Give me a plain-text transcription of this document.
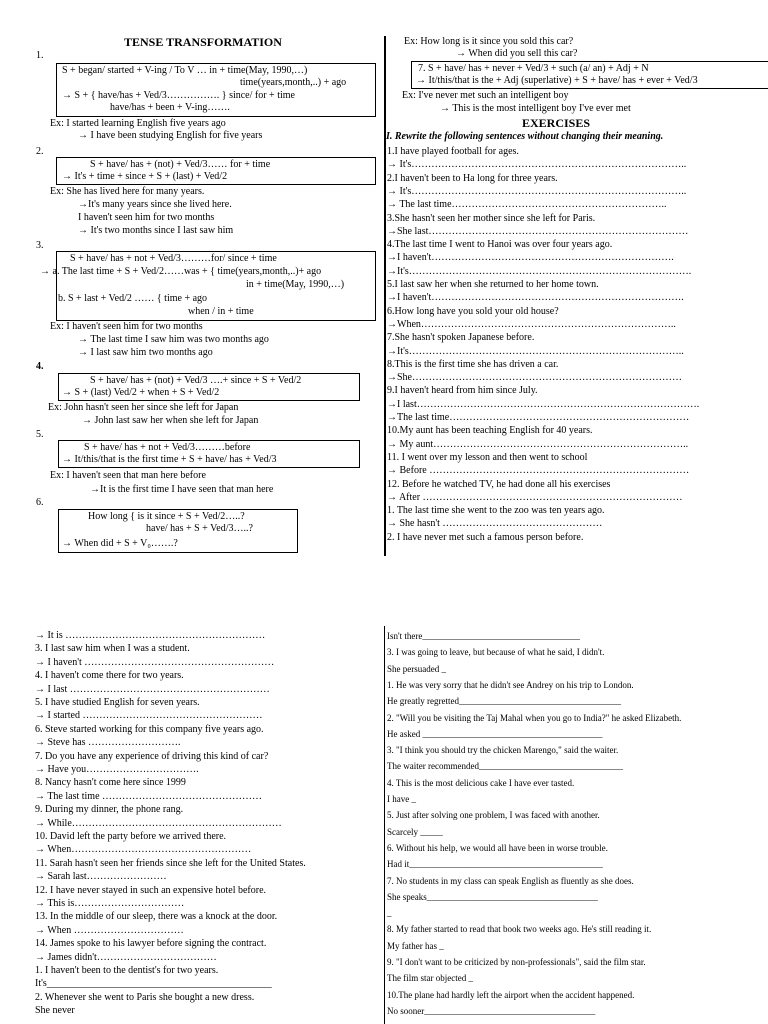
TENSE TRANSFORMATION
1.
S + began/ started + V-ing / To V … in + time(May, 1990,…)
time(years,month,..) + ago
→ S + { have/has + Ved/3……………. } since/ for + time
have/has + been + V-ing…….
Ex: I started learning English five years ago
→ I have been studying English for five years
2.
S + have/ has + (not) + Ved/3…… for + time
→ It's + time + since + S + (last) + Ved/2
Ex: She has lived here for many years.
→It's many years since she lived here.
I haven't seen him for two months
→ It's two months since I last saw him
3.
S + have/ has + not + Ved/3………for/ since + time
→ a. The last time + S + Ved/2……was + { time(years,month,..)+ ago
in + time(May, 1990,…)
b. S + last + Ved/2 …… { time + ago
when / in + time
Ex: I haven't seen him for two months
→ The last time I saw him was two months ago
→ I last saw him two months ago
4.
S + have/ has + (not) + Ved/3 ….+ since + S + Ved/2
→ S + (last) Ved/2 + when + S + Ved/2
Ex: John hasn't seen her since she left for Japan
→ John last saw her when she left for Japan
5.
S + have/ has + not + Ved/3………before
→ It/this/that is the first time + S + have/ has + Ved/3
Ex: I haven't seen that man here before
→It is the first time I have seen that man here
6.
How long { is it since + S + Ved/2…..?
have/ has + S + Ved/3…..?
→ When did + S + V₀…….?
Ex: How long is it since you sold this car?
→ When did you sell this car?
7. S + have/ has + never + Ved/3 + such (a/ an) + Adj + N
→ It/this/that is the + Adj (superlative) + S + have/ has + ever + Ved/3
Ex: I've never met such an intelligent boy
→ This is the most intelligent boy I've ever met
EXERCISES
I. Rewrite the following sentences without changing their meaning.
1.I have played football for ages.
→ It's………………………………………………………………………..
2.I haven't been to Ha long for three years.
→ It's………………………………………………………………………..
→ The last time………………………………………………………..
3.She hasn't seen her mother since she left for Paris.
→She last……………………………………………………………………
4.The last time I went to Hanoi was over four years ago.
→I haven't……………………………………………………………….
→It's………………………………………………………………………….
5.I last saw her when she returned to her home town.
→I haven't………………………………………………………………….
6.How long have you sold your old house?
→When…………………………………………………………………..
7.She hasn't spoken Japanese before.
→It's………………………………………………………………………..
8.This is the first time she has driven a car.
→She………………………………………………………………………
9.I haven't heard from him since July.
→I last………………………………………………………………………….
→The last time………………………………………………………………
10.My aunt has been teaching English for 40 years.
→ My aunt…………………………………………………………………..
11. I went over my lesson and then went to school
→ Before ……………………………………………………………………
12. Before he watched TV, he had done all his exercises
→ After ……………………………………………………………………
1. The last time she went to the zoo was ten years ago.
→ She hasn't …………………………………………
2. I have never met such a famous person before.
→ It is ……………………………………………………
3. I last saw him when I was a student.
→ I haven't …………………………………………………
4. I haven't come there for two years.
→ I last ……………………………………………………
5. I have studied English for seven years.
→ I started ………………………………………………
6. Steve started working for this company five years ago.
→ Steve has ……………………….
7. Do you have any experience of driving this kind of car?
→ Have you…………………………….
8. Nancy hasn't come here since 1999
→ The last time …………………………………………
9. During my dinner, the phone rang.
→ While………………………………………………………
10. David left the party before we arrived there.
→ When………………………………………………
11. Sarah hasn't seen her friends since she left for the United States.
→ Sarah last……………………
12. I have never stayed in such an expensive hotel before.
→ This is……………………………
13. In the middle of our sleep, there was a knock at the door.
→ When ……………………………
14. James spoke to his lawyer before signing the contract.
→ James didn't………………………………
1. I haven't been to the dentist's for two years.
It's_____________________________________________
2. Whenever she went to Paris she bought a new dress.
She never
Isn't there___________________________________
3. I was going to leave, but because of what he said, I didn't.
She persuaded _
1. He was very sorry that he didn't see Andrey on his trip to London.
He greatly regretted____________________________________
2. "Will you be visiting the Taj Mahal when you go to India?" he asked Elizabeth.
He asked ________________________________________
3. "I think you should try the chicken Marengo," said the waiter.
The waiter recommended________________________________
4. This is the most delicious cake I have ever tasted.
I have _
5. Just after solving one problem, I was faced with another.
Scarcely _____
6. Without his help, we would all have been in worse trouble.
Had it___________________________________________
7. No students in my class can speak English as fluently as she does.
She speaks______________________________________
_
8. My father started to read that book two weeks ago. He's still reading it.
My father has _
9. "I don't want to be criticized by non-professionals", said the film star.
The film star objected _
10.The plane had hardly left the airport when the accident happened.
No sooner______________________________________
